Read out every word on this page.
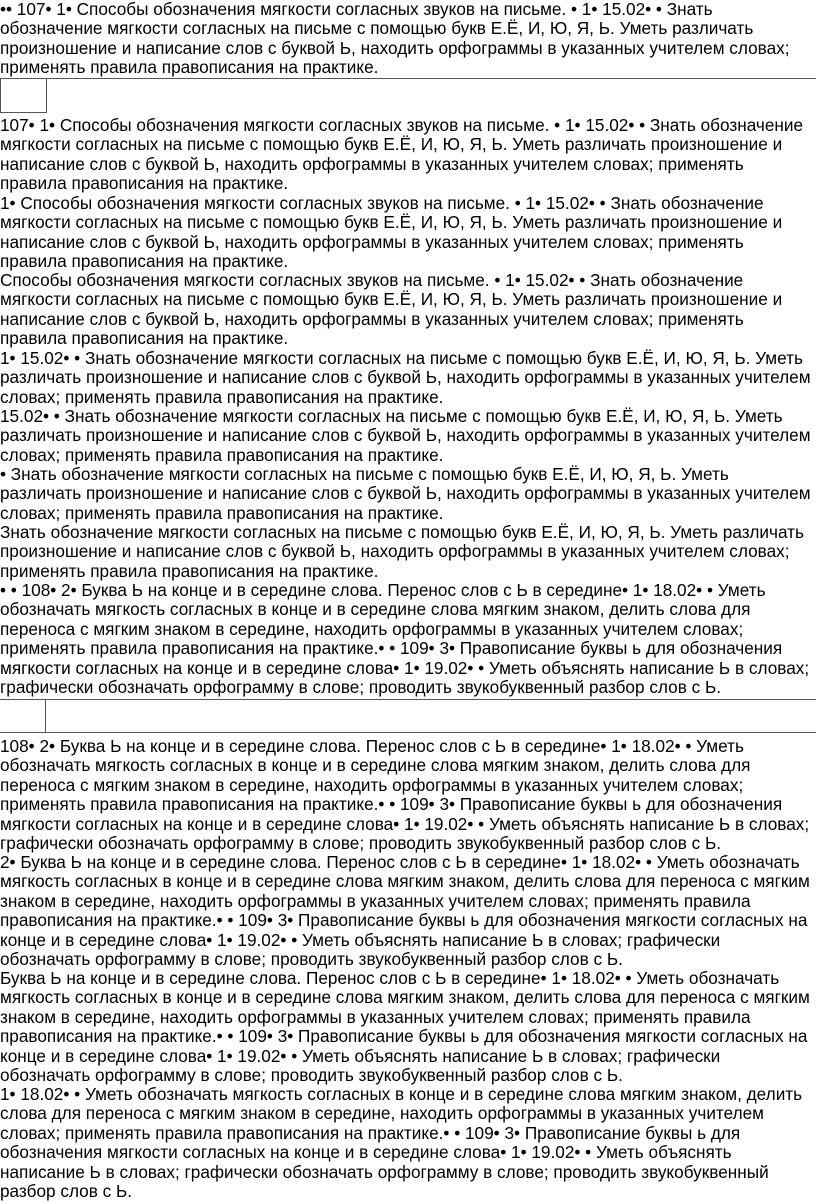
•• 107• 1• Способы обозначения мягкости согласных звуков на письме. • 1• 15.02• • Знать обозначение мягкости согласных на письме с помощью букв Е.Ё, И, Ю, Я, Ь. Уметь различать произношение и написание слов с буквой Ь, находить орфограммы в указанных учителем словах; применять правила правописания на практике.
107• 1• Способы обозначения мягкости согласных звуков на письме. • 1• 15.02• • Знать обозначение мягкости согласных на письме с помощью букв Е.Ё, И, Ю, Я, Ь. Уметь различать произношение и написание слов с буквой Ь, находить орфограммы в указанных учителем словах; применять правила правописания на практике.
1• Способы обозначения мягкости согласных звуков на письме. • 1• 15.02• • Знать обозначение мягкости согласных на письме с помощью букв Е.Ё, И, Ю, Я, Ь. Уметь различать произношение и написание слов с буквой Ь, находить орфограммы в указанных учителем словах; применять правила правописания на практике.
Способы обозначения мягкости согласных звуков на письме. • 1• 15.02• • Знать обозначение мягкости согласных на письме с помощью букв Е.Ё, И, Ю, Я, Ь. Уметь различать произношение и написание слов с буквой Ь, находить орфограммы в указанных учителем словах; применять правила правописания на практике.
1• 15.02• • Знать обозначение мягкости согласных на письме с помощью букв Е.Ё, И, Ю, Я, Ь. Уметь различать произношение и написание слов с буквой Ь, находить орфограммы в указанных учителем словах; применять правила правописания на практике.
15.02• • Знать обозначение мягкости согласных на письме с помощью букв Е.Ё, И, Ю, Я, Ь. Уметь различать произношение и написание слов с буквой Ь, находить орфограммы в указанных учителем словах; применять правила правописания на практике.
• Знать обозначение мягкости согласных на письме с помощью букв Е.Ё, И, Ю, Я, Ь. Уметь различать произношение и написание слов с буквой Ь, находить орфограммы в указанных учителем словах; применять правила правописания на практике.
Знать обозначение мягкости согласных на письме с помощью букв Е.Ё, И, Ю, Я, Ь. Уметь различать произношение и написание слов с буквой Ь, находить орфограммы в указанных учителем словах; применять правила правописания на практике.
• • 108• 2• Буква Ь на конце и в середине слова. Перенос слов с Ь в середине• 1• 18.02• • Уметь обозначать мягкость согласных в конце и в середине слова мягким знаком, делить слова для переноса с мягким знаком в середине, находить орфограммы в указанных учителем словах; применять правила правописания на практике.• • 109• 3• Правописание буквы ь для обозначения мягкости согласных на конце и в середине слова• 1• 19.02• • Уметь объяснять написание Ь в словах; графически обозначать орфограмму в слове; проводить звукобуквенный разбор слов с Ь.
108• 2• Буква Ь на конце и в середине слова. Перенос слов с Ь в середине• 1• 18.02• • Уметь обозначать мягкость согласных в конце и в середине слова мягким знаком, делить слова для переноса с мягким знаком в середине, находить орфограммы в указанных учителем словах; применять правила правописания на практике.• • 109• 3• Правописание буквы ь для обозначения мягкости согласных на конце и в середине слова• 1• 19.02• • Уметь объяснять написание Ь в словах; графически обозначать орфограмму в слове; проводить звукобуквенный разбор слов с Ь.
2• Буква Ь на конце и в середине слова. Перенос слов с Ь в середине• 1• 18.02• • Уметь обозначать мягкость согласных в конце и в середине слова мягким знаком, делить слова для переноса с мягким знаком в середине, находить орфограммы в указанных учителем словах; применять правила правописания на практике.• • 109• 3• Правописание буквы ь для обозначения мягкости согласных на конце и в середине слова• 1• 19.02• • Уметь объяснять написание Ь в словах; графически обозначать орфограмму в слове; проводить звукобуквенный разбор слов с Ь.
Буква Ь на конце и в середине слова. Перенос слов с Ь в середине• 1• 18.02• • Уметь обозначать мягкость согласных в конце и в середине слова мягким знаком, делить слова для переноса с мягким знаком в середине, находить орфограммы в указанных учителем словах; применять правила правописания на практике.• • 109• 3• Правописание буквы ь для обозначения мягкости согласных на конце и в середине слова• 1• 19.02• • Уметь объяснять написание Ь в словах; графически обозначать орфограмму в слове; проводить звукобуквенный разбор слов с Ь.
1• 18.02• • Уметь обозначать мягкость согласных в конце и в середине слова мягким знаком, делить слова для переноса с мягким знаком в середине, находить орфограммы в указанных учителем словах; применять правила правописания на практике.• • 109• 3• Правописание буквы ь для обозначения мягкости согласных на конце и в середине слова• 1• 19.02• • Уметь объяснять написание Ь в словах; графически обозначать орфограмму в слове; проводить звукобуквенный разбор слов с Ь.
